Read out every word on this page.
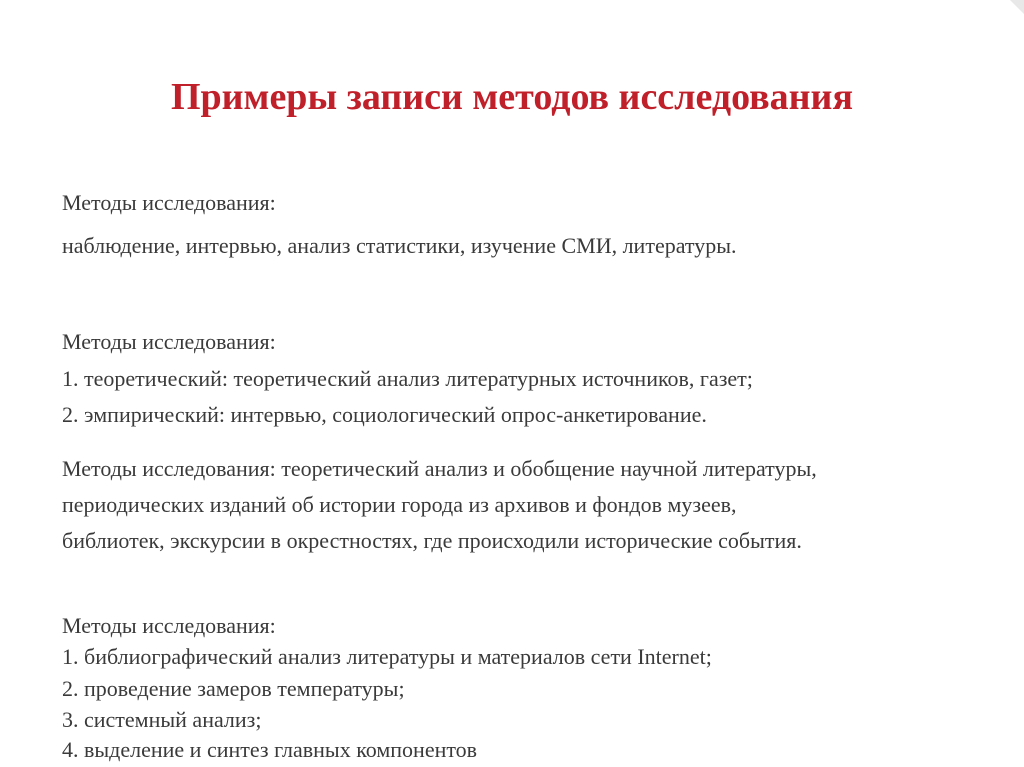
Примеры записи методов исследования

Методы исследования:

наблюдение, интервью, анализ статистики, изучение СМИ, литературы.

Методы исследования:

1. теоретический: теоретический анализ литературных источников, газет;

2. эмпирический: интервью, социологический опрос-анкетирование.

Методы исследования: теоретический анализ и обобщение научной литературы,

периодических изданий об истории города из архивов и фондов музеев,

библиотек, экскурсии в окрестностях, где происходили исторические события.

Методы исследования:

1. библиографический анализ литературы и материалов сети Internet;

2. проведение замеров температуры;

3. системный анализ;

4. выделение и синтез главных компонентов
